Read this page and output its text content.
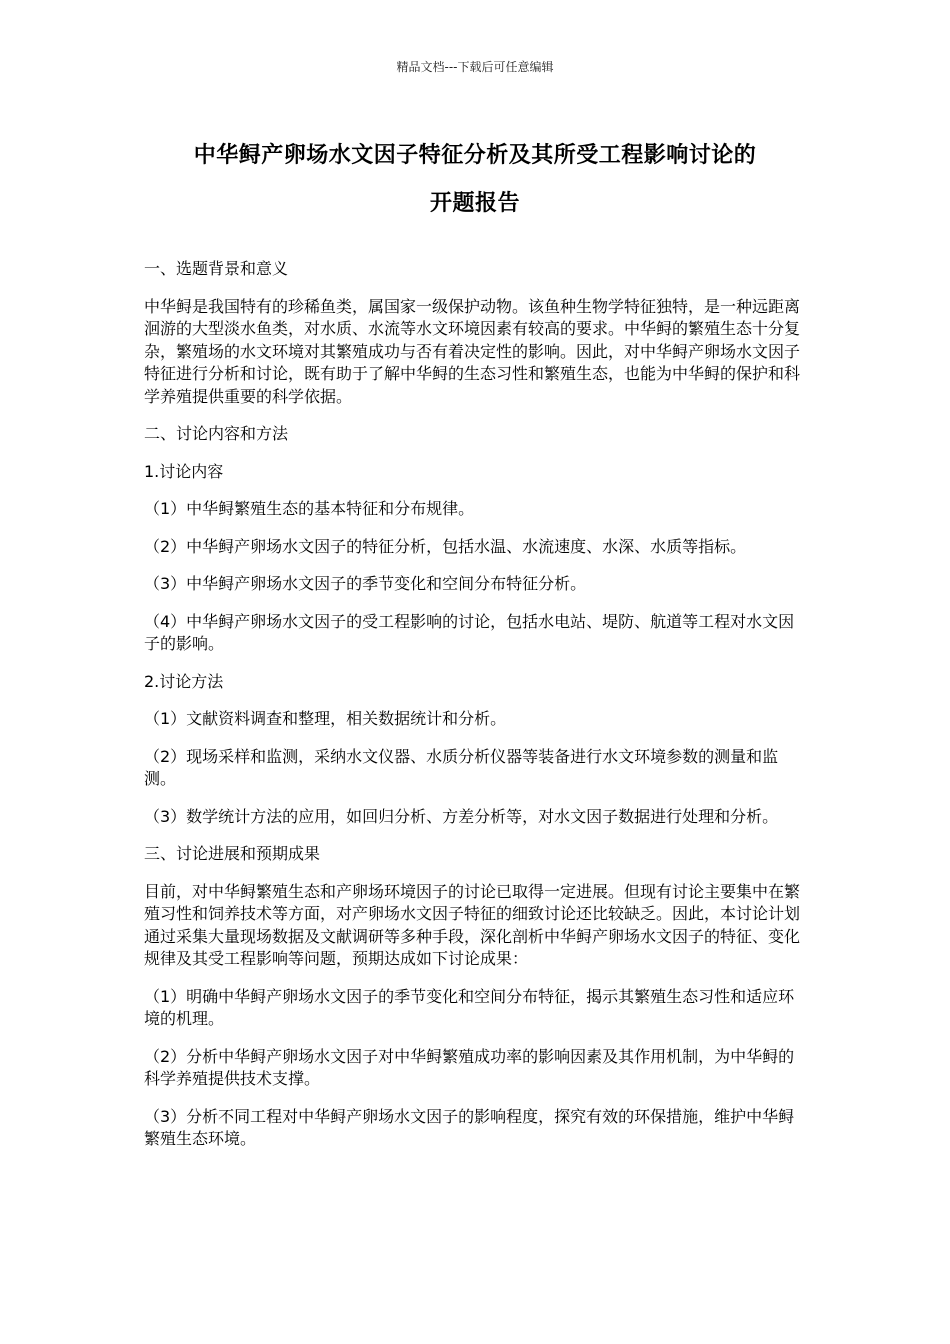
精品文档---下载后可任意编辑
中华鲟产卵场水文因子特征分析及其所受工程影响讨论的
开题报告

一、选题背景和意义

中华鲟是我国特有的珍稀鱼类，属国家一级保护动物。该鱼种生物学特征独特，是一种远距离洄游的大型淡水鱼类，对水质、水流等水文环境因素有较高的要求。中华鲟的繁殖生态十分复杂，繁殖场的水文环境对其繁殖成功与否有着决定性的影响。因此，对中华鲟产卵场水文因子特征进行分析和讨论，既有助于了解中华鲟的生态习性和繁殖生态，也能为中华鲟的保护和科学养殖提供重要的科学依据。

二、讨论内容和方法

1.讨论内容

（1）中华鲟繁殖生态的基本特征和分布规律。

（2）中华鲟产卵场水文因子的特征分析，包括水温、水流速度、水深、水质等指标。

（3）中华鲟产卵场水文因子的季节变化和空间分布特征分析。

（4）中华鲟产卵场水文因子的受工程影响的讨论，包括水电站、堤防、航道等工程对水文因子的影响。

2.讨论方法

（1）文献资料调查和整理，相关数据统计和分析。

（2）现场采样和监测，采纳水文仪器、水质分析仪器等装备进行水文环境参数的测量和监测。

（3）数学统计方法的应用，如回归分析、方差分析等，对水文因子数据进行处理和分析。

三、讨论进展和预期成果

目前，对中华鲟繁殖生态和产卵场环境因子的讨论已取得一定进展。但现有讨论主要集中在繁殖习性和饲养技术等方面，对产卵场水文因子特征的细致讨论还比较缺乏。因此，本讨论计划通过采集大量现场数据及文献调研等多种手段，深化剖析中华鲟产卵场水文因子的特征、变化规律及其受工程影响等问题，预期达成如下讨论成果：

（1）明确中华鲟产卵场水文因子的季节变化和空间分布特征，揭示其繁殖生态习性和适应环境的机理。

（2）分析中华鲟产卵场水文因子对中华鲟繁殖成功率的影响因素及其作用机制，为中华鲟的科学养殖提供技术支撑。

（3）分析不同工程对中华鲟产卵场水文因子的影响程度，探究有效的环保措施，维护中华鲟繁殖生态环境。
